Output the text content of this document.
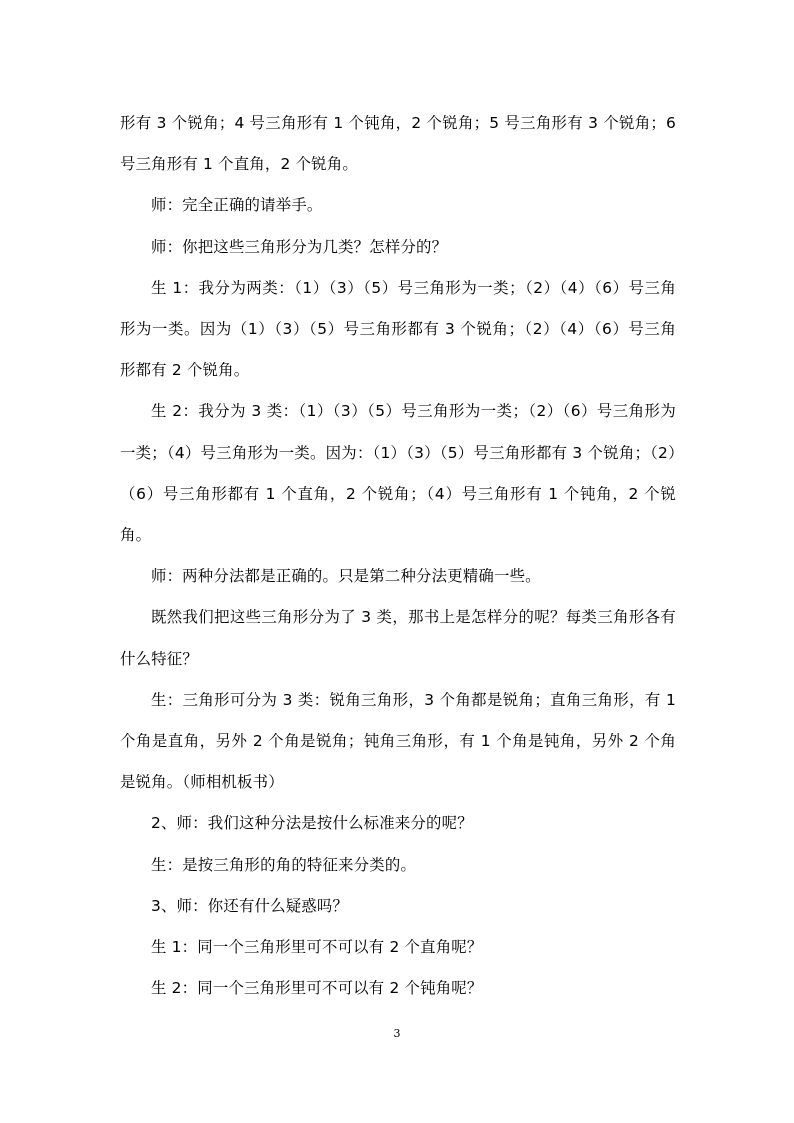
形有 3 个锐角；4 号三角形有 1 个钝角，2 个锐角；5 号三角形有 3 个锐角；6 号三角形有 1 个直角，2 个锐角。

师：完全正确的请举手。

师：你把这些三角形分为几类？怎样分的？

生 1：我分为两类：（1）（3）（5）号三角形为一类；（2）（4）（6）号三角形为一类。因为（1）（3）（5）号三角形都有 3 个锐角；（2）（4）（6）号三角形都有 2 个锐角。

生 2：我分为 3 类：（1）（3）（5）号三角形为一类；（2）（6）号三角形为一类；（4）号三角形为一类。因为：（1）（3）（5）号三角形都有 3 个锐角；（2）（6）号三角形都有 1 个直角，2 个锐角；（4）号三角形有 1 个钝角，2 个锐角。

师：两种分法都是正确的。只是第二种分法更精确一些。

既然我们把这些三角形分为了 3 类，那书上是怎样分的呢？每类三角形各有什么特征？

生：三角形可分为 3 类：锐角三角形，3 个角都是锐角；直角三角形，有 1 个角是直角，另外 2 个角是锐角；钝角三角形，有 1 个角是钝角，另外 2 个角是锐角。（师相机板书）

2、师：我们这种分法是按什么标准来分的呢？

生：是按三角形的角的特征来分类的。

3、师：你还有什么疑惑吗？

生 1：同一个三角形里可不可以有 2 个直角呢？

生 2：同一个三角形里可不可以有 2 个钝角呢？

3
